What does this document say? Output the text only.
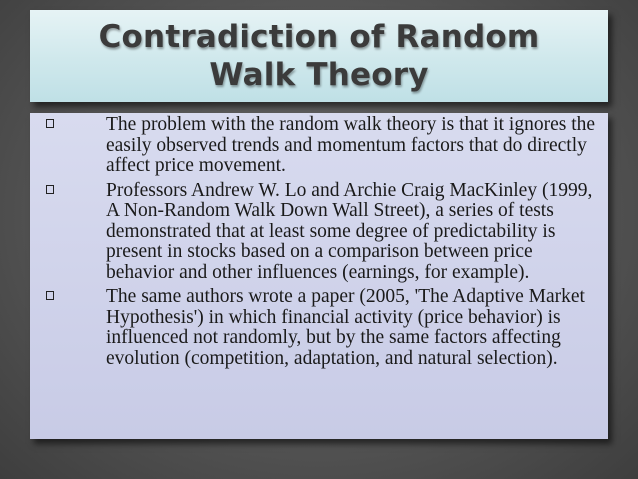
Contradiction of Random Walk Theory
The problem with the random walk theory is that it ignores the easily observed trends and momentum factors that do directly affect price movement.
Professors Andrew W. Lo and Archie Craig MacKinley (1999, A Non-Random Walk Down Wall Street), a series of tests demonstrated that at least some degree of predictability is present in stocks based on a comparison between price behavior and other influences (earnings, for example).
The same authors wrote a paper (2005, 'The Adaptive Market Hypothesis') in which financial activity (price behavior) is influenced not randomly, but by the same factors affecting evolution (competition, adaptation, and natural selection).
